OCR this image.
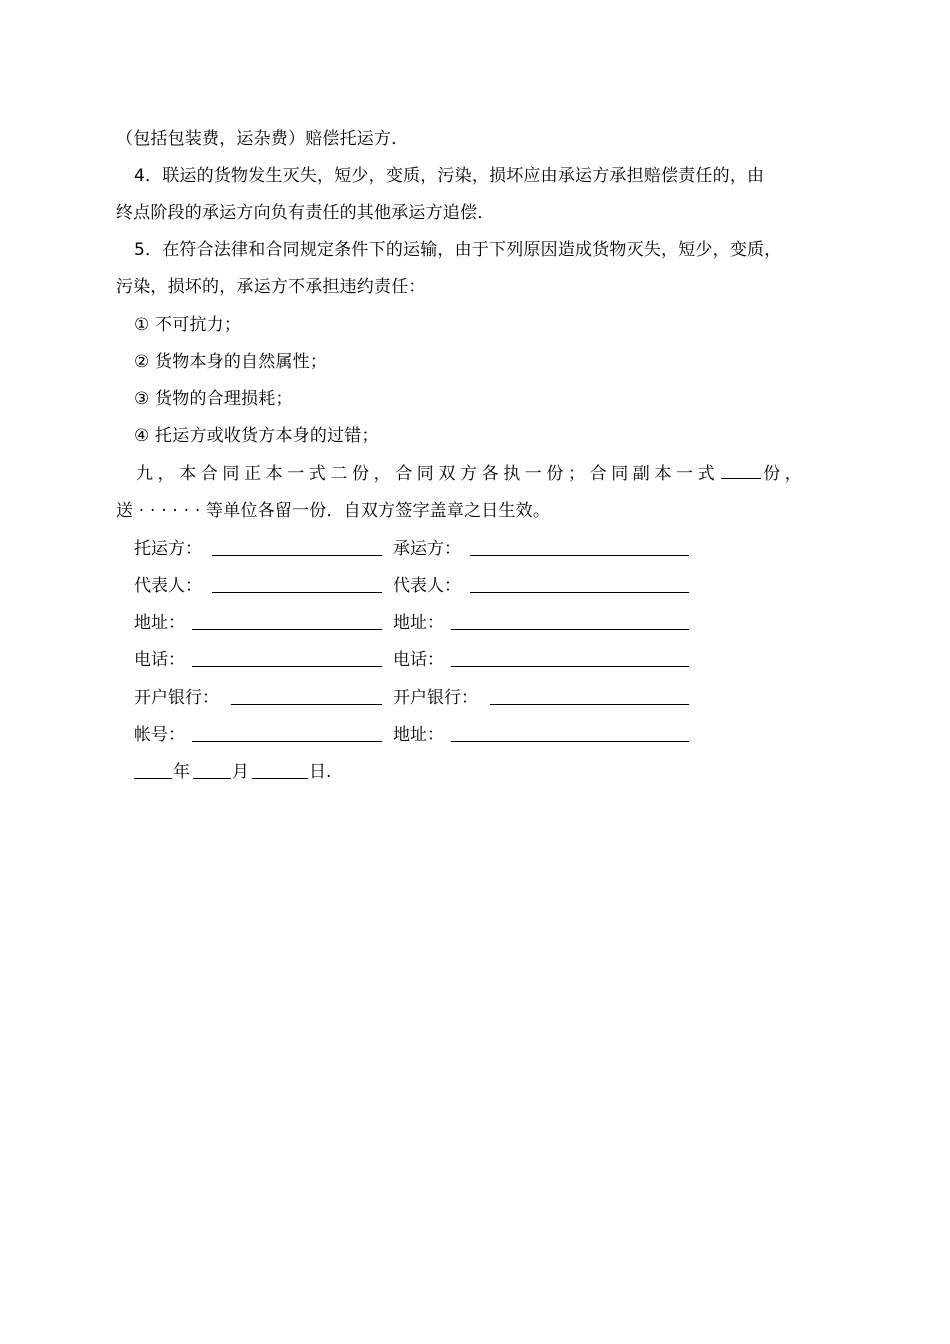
（包括包装费，运杂费）赔偿托运方．
4．联运的货物发生灭失，短少，变质，污染，损坏应由承运方承担赔偿责任的，由
终点阶段的承运方向负有责任的其他承运方追偿．
5．在符合法律和合同规定条件下的运输，由于下列原因造成货物灭失，短少，变质，
污染，损坏的，承运方不承担违约责任：
① 不可抗力；
② 货物本身的自然属性；
③ 货物的合理损耗；
④ 托运方或收货方本身的过错；
九，本合同正本一式二份，合同双方各执一份；合同副本一式	份，
送 · · · · · · 等单位各留一份．自双方签字盖章之日生效。
托运方：
代表人：
地址：
电话：
开户银行：
帐号：
承运方：
代表人：
地址：
电话：
开户银行：
地址：
年 月	日.
